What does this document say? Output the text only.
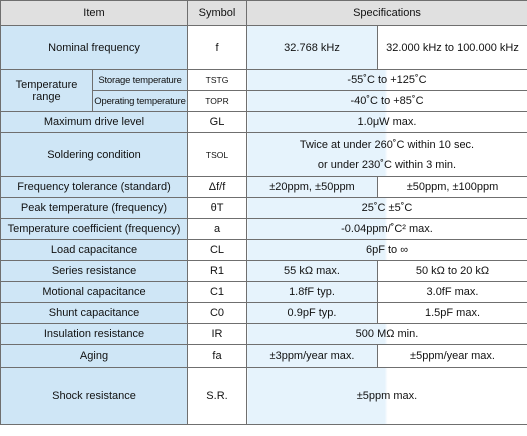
Item		Symbol	Specifications	
Nominal frequency		f	32.768 kHz	32.000 kHz to 100.000 kHz
Temperature range	Storage temperature	TSTG	-55˚C to +125˚C	
	Operating temperature	TOPR	-40˚C to +85˚C	
Maximum drive level		GL	1.0μW max.	
Soldering condition		TSOL	Twice at under 260˚C within 10 sec.
or under 230˚C within 3 min.	

Frequency tolerance (standard)		Δf/f	±20ppm, ±50ppm	±50ppm, ±100ppm
Peak temperature (frequency)		θT	25˚C ±5˚C	
Temperature coefficient (frequency)		a	-0.04ppm/˚C² max.	
Load capacitance		CL	6pF to ∞	
Series resistance		R1	55 kΩ max.	50 kΩ to 20 kΩ
Motional capacitance		C1	1.8fF typ.	3.0fF max.
Shunt capacitance		C0	0.9pF typ.	1.5pF max.
Insulation resistance		IR	500 MΩ min.	
Aging		fa	±3ppm/year max.	±5ppm/year max.
Shock resistance		S.R.	±5ppm max.	
